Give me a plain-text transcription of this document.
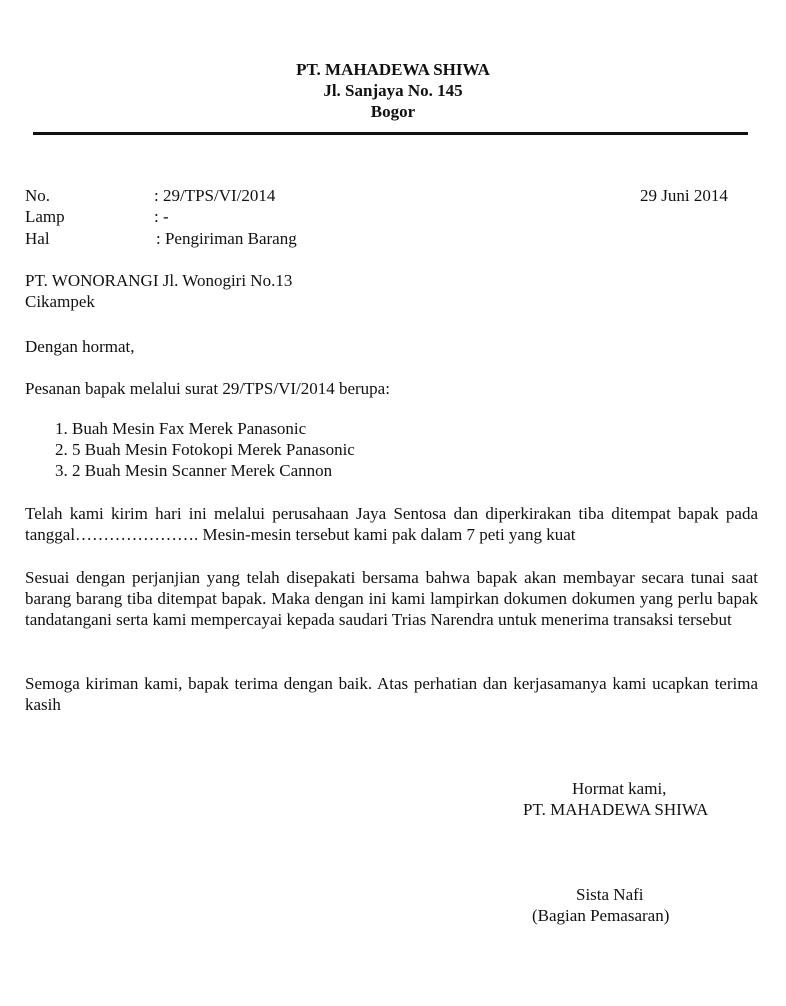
PT. MAHADEWA SHIWA
Jl. Sanjaya No. 145
Bogor
No.	: 29/TPS/VI/2014	29 Juni 2014
Lamp	: -
Hal	: Pengiriman Barang
PT. WONORANGI Jl. Wonogiri No.13
Cikampek
Dengan hormat,
Pesanan bapak melalui surat 29/TPS/VI/2014 berupa:
1. Buah Mesin Fax Merek Panasonic
2. 5 Buah Mesin Fotokopi Merek Panasonic
3. 2 Buah Mesin Scanner Merek Cannon

Telah kami kirim hari ini melalui perusahaan Jaya Sentosa dan diperkirakan tiba ditempat bapak pada tanggal…………………. Mesin-mesin tersebut kami pak dalam 7 peti yang kuat

Sesuai dengan perjanjian yang telah disepakati bersama bahwa bapak akan membayar secara tunai saat barang barang tiba ditempat bapak. Maka dengan ini kami lampirkan dokumen dokumen yang perlu bapak tandatangani serta kami mempercayai kepada saudari Trias Narendra untuk menerima transaksi tersebut

Semoga kiriman kami, bapak terima dengan baik. Atas perhatian dan kerjasamanya kami ucapkan terima kasih

Hormat kami,
PT. MAHADEWA SHIWA
Sista Nafi
(Bagian Pemasaran)
